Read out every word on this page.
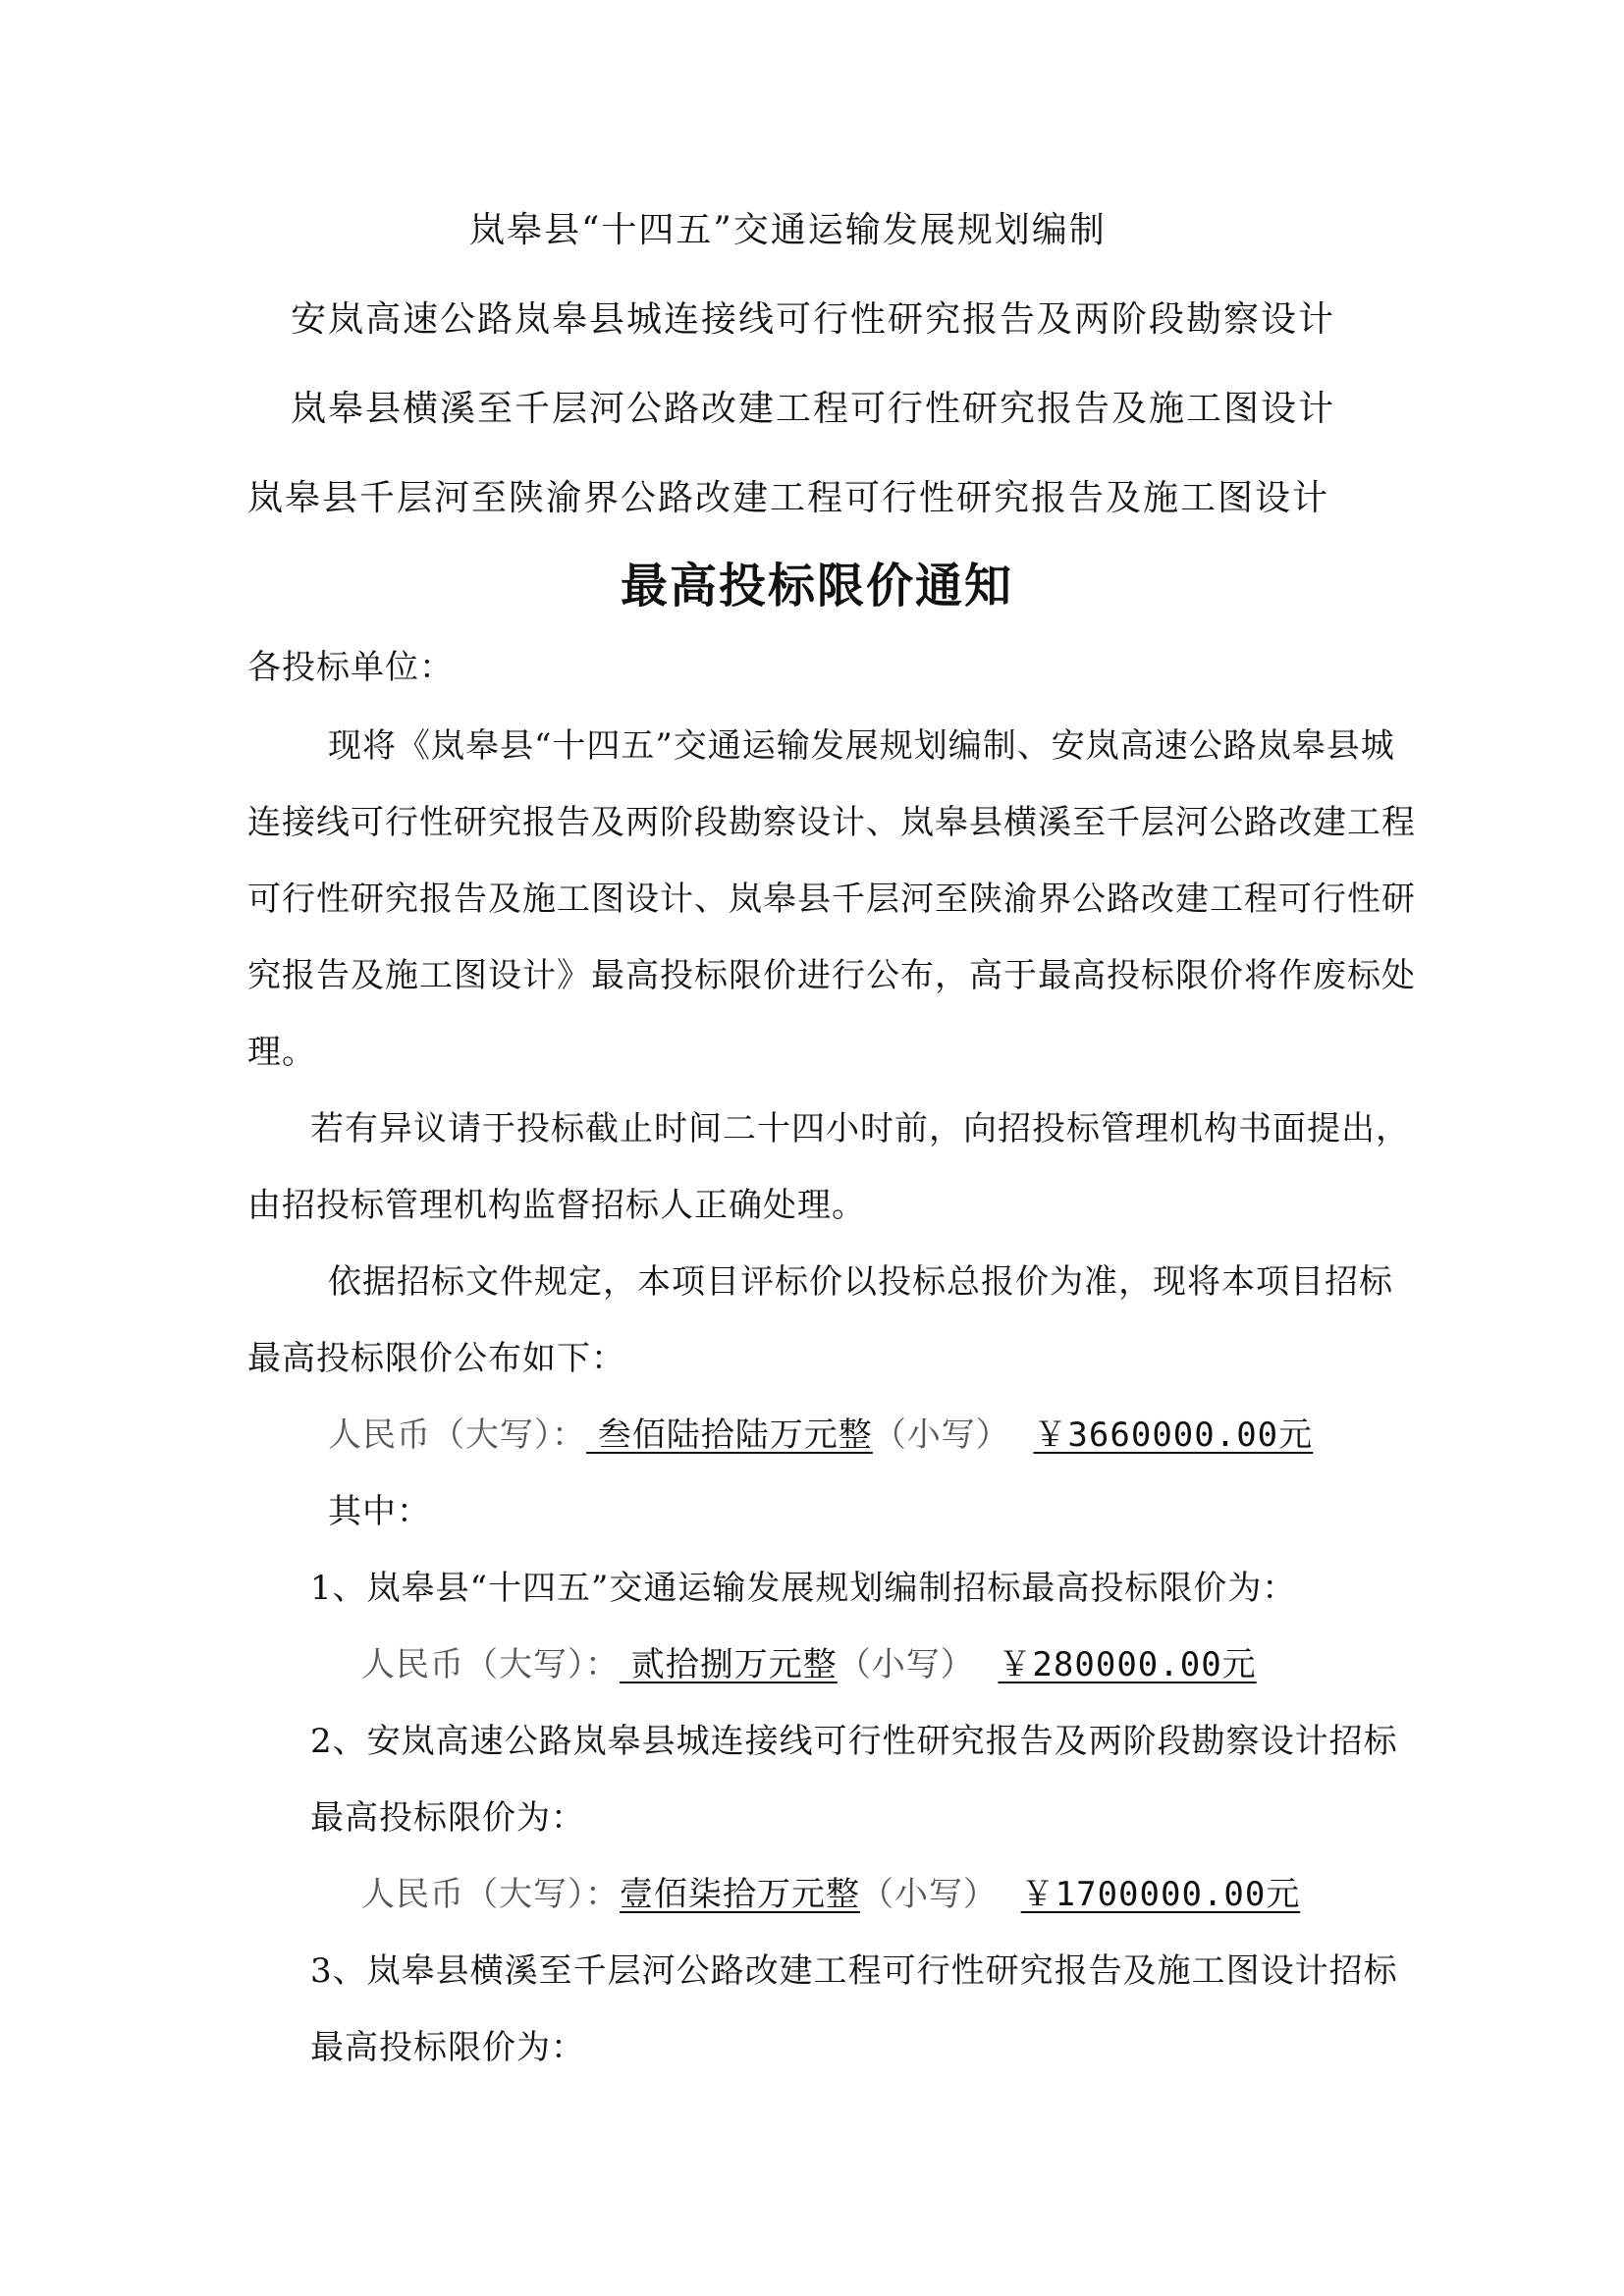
岚皋县“十四五”交通运输发展规划编制
安岚高速公路岚皋县城连接线可行性研究报告及两阶段勘察设计
岚皋县横溪至千层河公路改建工程可行性研究报告及施工图设计
岚皋县千层河至陕渝界公路改建工程可行性研究报告及施工图设计
最高投标限价通知
各投标单位：
现将《岚皋县“十四五”交通运输发展规划编制、安岚高速公路岚皋县城
连接线可行性研究报告及两阶段勘察设计、岚皋县横溪至千层河公路改建工程
可行性研究报告及施工图设计、岚皋县千层河至陕渝界公路改建工程可行性研
究报告及施工图设计》最高投标限价进行公布，高于最高投标限价将作废标处
理。
若有异议请于投标截止时间二十四小时前，向招投标管理机构书面提出，
由招投标管理机构监督招标人正确处理。
依据招标文件规定，本项目评标价以投标总报价为准，现将本项目招标
最高投标限价公布如下：
人民币（大写）： 叁佰陆拾陆万元整（小写） ￥3660000.00元
其中：
1、岚皋县“十四五”交通运输发展规划编制招标最高投标限价为：
人民币（大写）： 贰拾捌万元整（小写） ￥280000.00元
2、安岚高速公路岚皋县城连接线可行性研究报告及两阶段勘察设计招标
最高投标限价为：
人民币（大写）：壹佰柒拾万元整（小写） ￥1700000.00元
3、岚皋县横溪至千层河公路改建工程可行性研究报告及施工图设计招标
最高投标限价为：
